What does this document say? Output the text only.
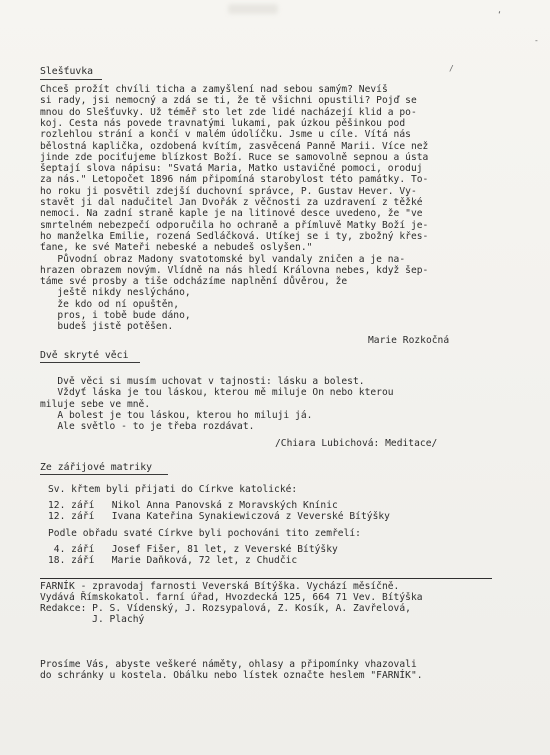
‘
-
/
Slešťuvka
Chceš prožít chvíli ticha a zamyšlení nad sebou samým? Nevíš
si rady, jsi nemocný a zdá se ti, že tě všichni opustili? Pojď se
mnou do Slešťuvky. Už téměř sto let zde lidé nacházejí klid a po-
koj. Cesta nás povede travnatými lukami, pak úzkou pěšinkou pod
rozlehlou strání a končí v malém údolíčku. Jsme u cíle. Vítá nás
bělostná kaplička, ozdobená kvítím, zasvěcená Panně Marii. Více než
jinde zde pociťujeme blízkost Boží. Ruce se samovolně sepnou a ústa
šeptají slova nápisu: "Svatá Maria, Matko ustavičné pomoci, oroduj
za nás." Letopočet 1896 nám připomíná starobylost této památky. To-
ho roku ji posvětil zdejší duchovní správce, P. Gustav Hever. Vy-
stavět ji dal nadučitel Jan Dvořák z věčnosti za uzdravení z těžké
nemoci. Na zadní straně kaple je na litinové desce uvedeno, že "ve
smrtelném nebezpečí odporučila ho ochraně a přímluvě Matky Boží je-
ho manželka Emilie, rozená Sedláčková. Utíkej se i ty, zbožný křes-
ťane, ke své Mateři nebeské a nebudeš oslyšen."
Původní obraz Madony svatotomské byl vandaly zničen a je na-
hrazen obrazem novým. Vlídně na nás hledí Královna nebes, když šep-
táme své prosby a tiše odcházíme naplnění důvěrou, že
ještě nikdy neslýcháno,
že kdo od ní opuštěn,
pros, i tobě bude dáno,
budeš jistě potěšen.
Marie Rozkočná
Dvě skryté věci
Dvě věci si musím uchovat v tajnosti: lásku a bolest.
Vždyť láska je tou láskou, kterou mě miluje On nebo kterou
miluje sebe ve mně.
A bolest je tou láskou, kterou ho miluji já.
Ale světlo - to je třeba rozdávat.
/Chiara Lubichová: Meditace/
Ze zářijové matriky
Sv. křtem byli přijati do Církve katolické:
12. září   Nikol Anna Panovská z Moravských Knínic
12. září   Ivana Kateřina Synakiewiczová z Veverské Bítýšky
Podle obřadu svaté Církve byli pochováni tito zemřelí:
4. září   Josef Fišer, 81 let, z Veverské Bítýšky
18. září   Marie Daňková, 72 let, z Chudčic
FARNÍK - zpravodaj farnosti Veverská Bítýška. Vychází měsíčně.
Vydává Římskokatol. farní úřad, Hvozdecká 125, 664 71 Vev. Bítýška
Redakce: P. S. Vídenský, J. Rozsypalová, Z. Kosík, A. Zavřelová,
J. Plachý
Prosíme Vás, abyste veškeré náměty, ohlasy a připomínky vhazovali
do schránky u kostela. Obálku nebo lístek označte heslem "FARNÍK".
